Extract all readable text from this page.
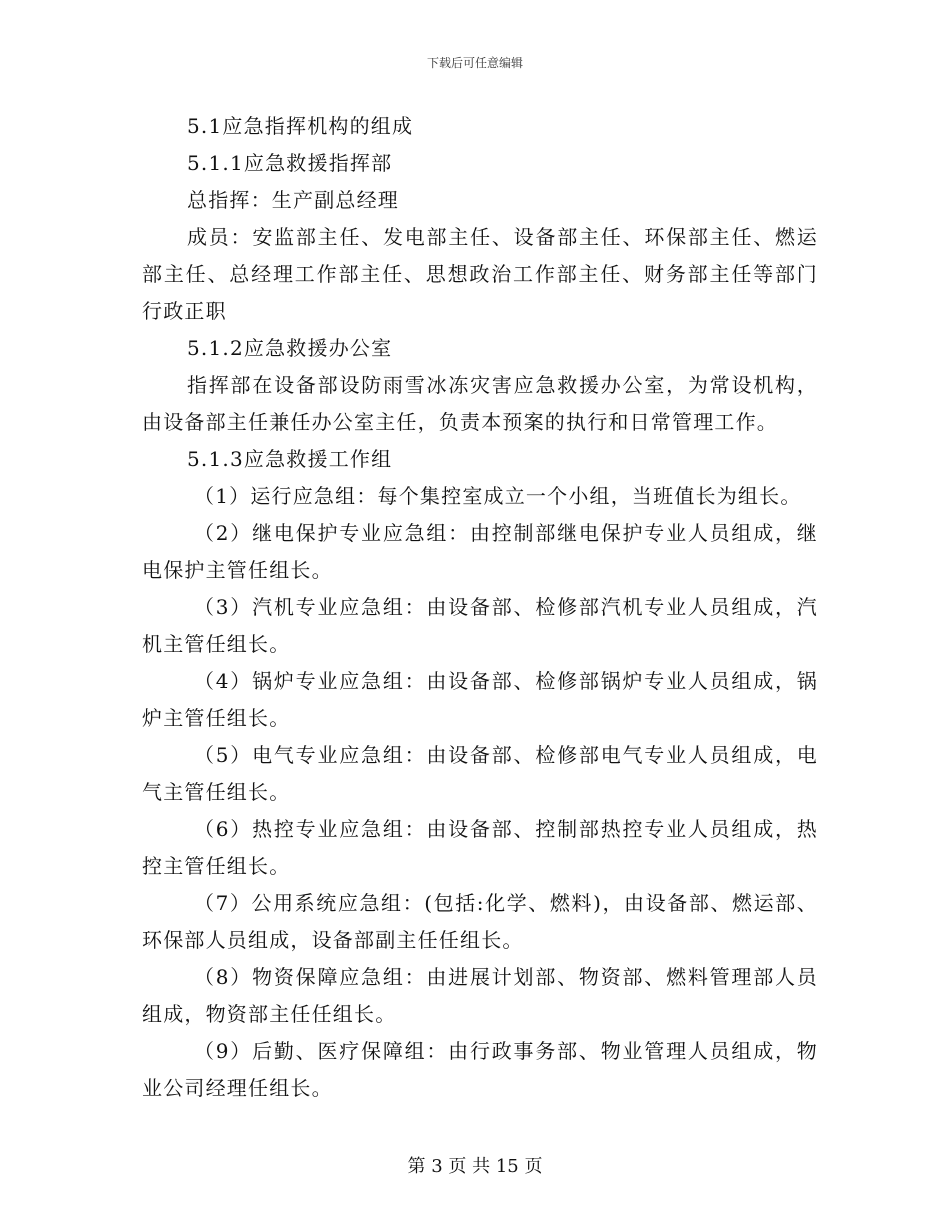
下载后可任意编辑

5.1应急指挥机构的组成

5.1.1应急救援指挥部

总指挥：生产副总经理

成员：安监部主任、发电部主任、设备部主任、环保部主任、燃运部主任、总经理工作部主任、思想政治工作部主任、财务部主任等部门行政正职

5.1.2应急救援办公室

指挥部在设备部设防雨雪冰冻灾害应急救援办公室，为常设机构，由设备部主任兼任办公室主任，负责本预案的执行和日常管理工作。

5.1.3应急救援工作组

（1）运行应急组：每个集控室成立一个小组，当班值长为组长。

（2）继电保护专业应急组：由控制部继电保护专业人员组成，继电保护主管任组长。

（3）汽机专业应急组：由设备部、检修部汽机专业人员组成，汽机主管任组长。

（4）锅炉专业应急组：由设备部、检修部锅炉专业人员组成，锅炉主管任组长。

（5）电气专业应急组：由设备部、检修部电气专业人员组成，电气主管任组长。

（6）热控专业应急组：由设备部、控制部热控专业人员组成，热控主管任组长。

（7）公用系统应急组：(包括:化学、燃料)，由设备部、燃运部、环保部人员组成，设备部副主任任组长。

（8）物资保障应急组：由进展计划部、物资部、燃料管理部人员组成，物资部主任任组长。

（9）后勤、医疗保障组：由行政事务部、物业管理人员组成，物业公司经理任组长。

第 3 页 共 15 页
